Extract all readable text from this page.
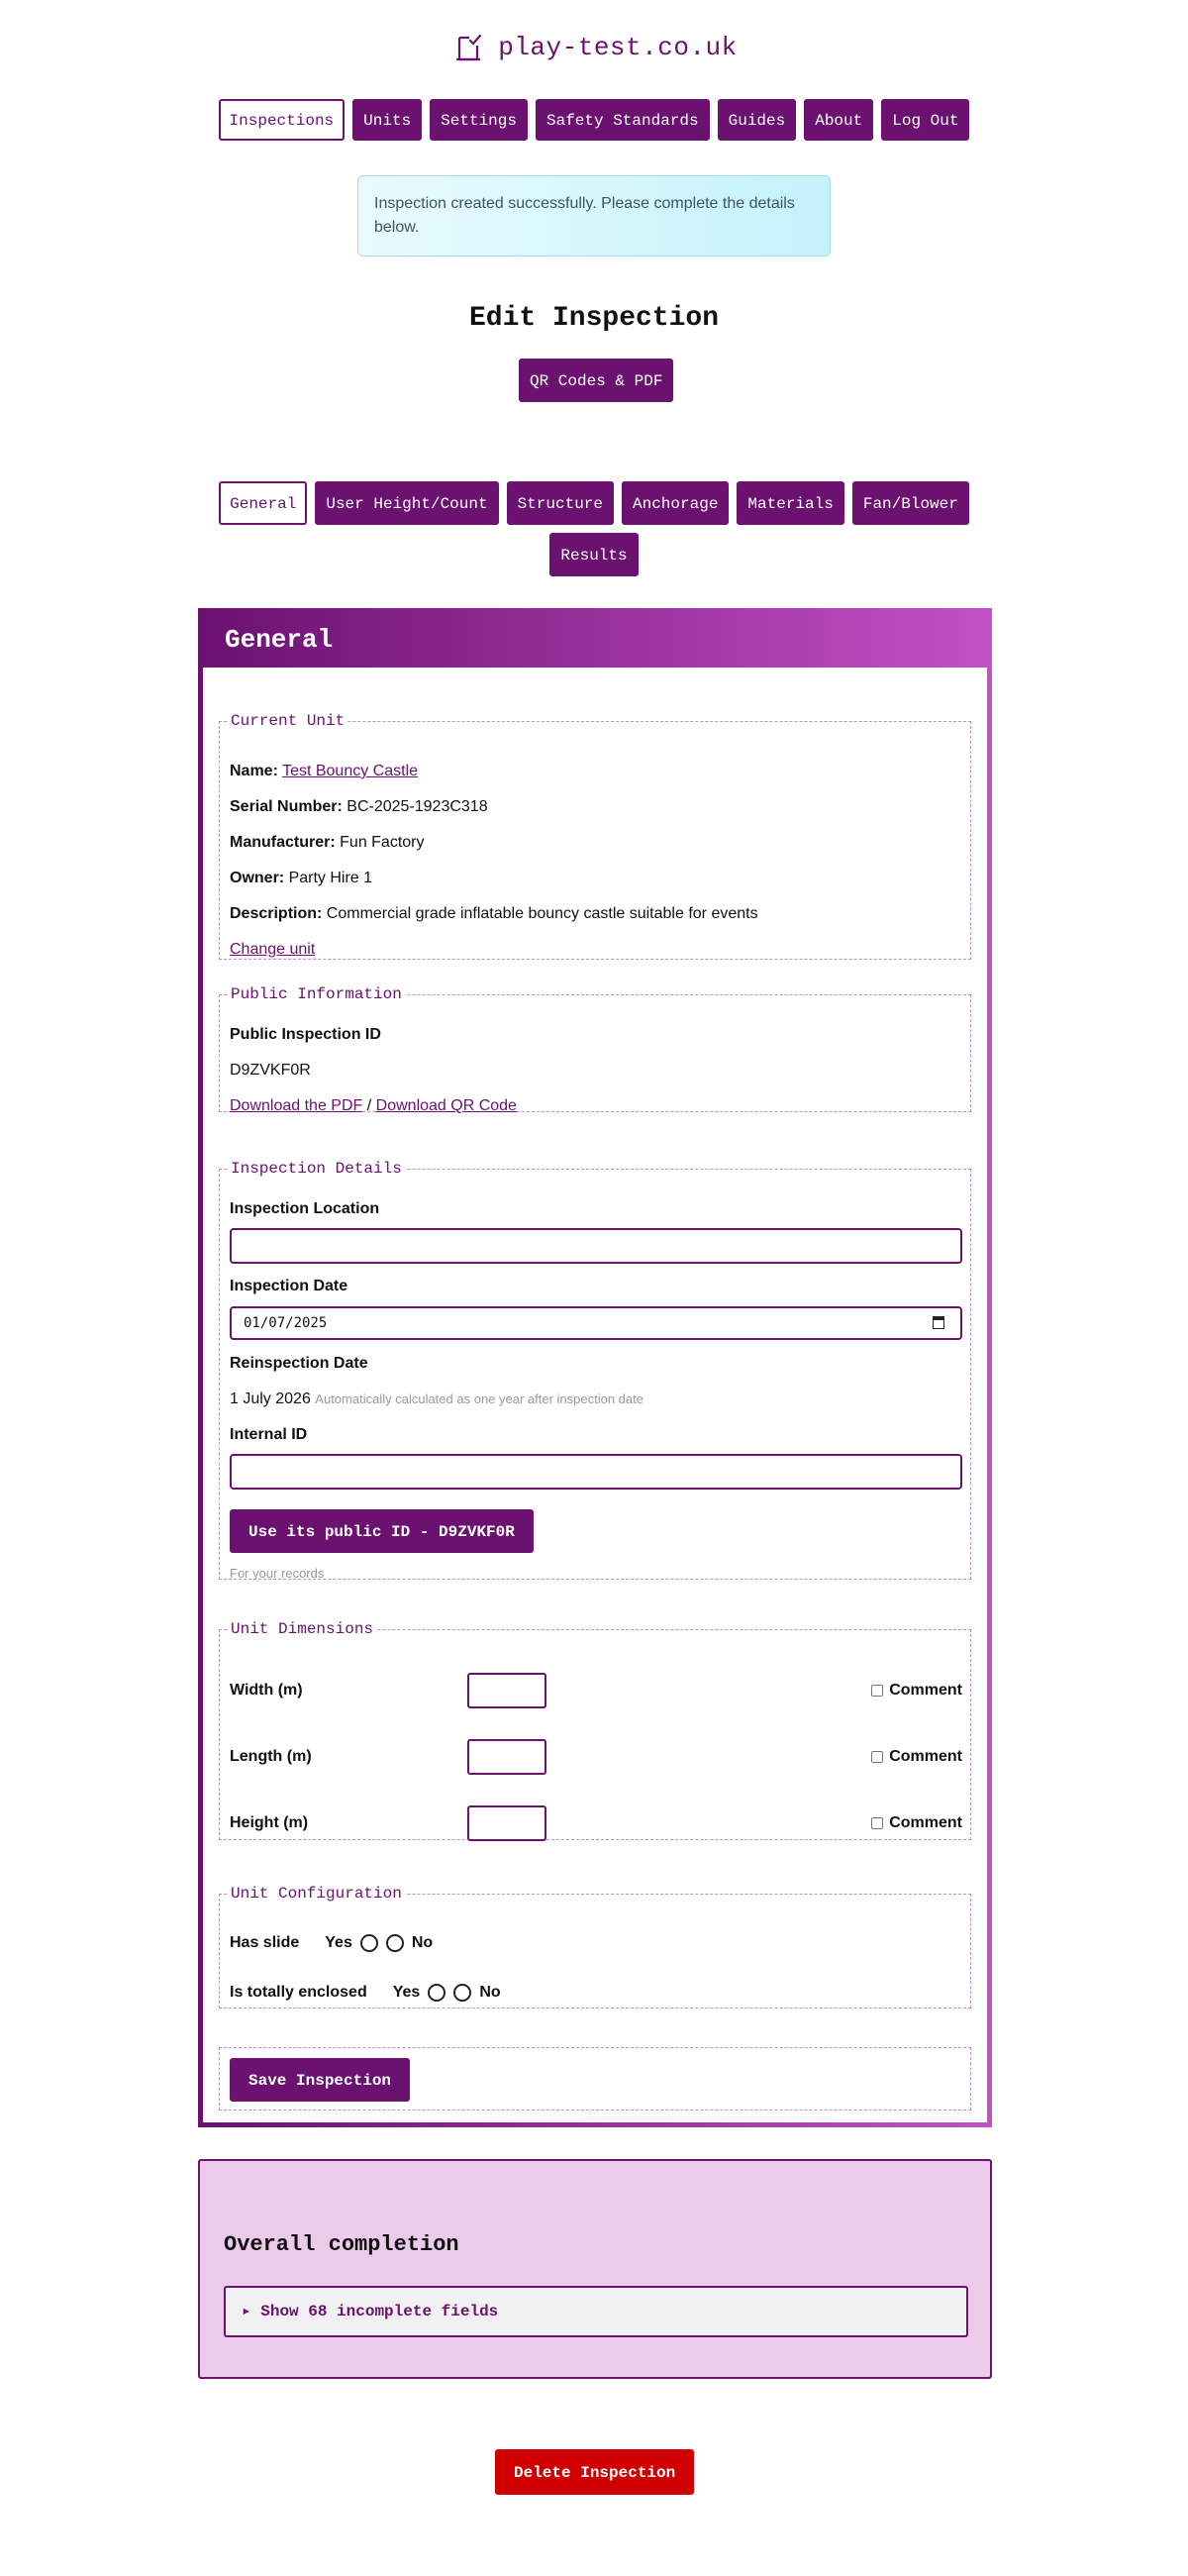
play-test.co.uk
Inspections	Units	Settings	Safety Standards	Guides	About	Log Out
Inspection created successfully. Please complete the details below.
Edit Inspection
QR Codes & PDF
General	User Height/Count	Structure	Anchorage	Materials	Fan/Blower
Results
General
Current Unit
Name: Test Bouncy Castle
Serial Number: BC-2025-1923C318
Manufacturer: Fun Factory
Owner: Party Hire 1
Description: Commercial grade inflatable bouncy castle suitable for events
Change unit
Public Information
Public Inspection ID
D9ZVKF0R
Download the PDF / Download QR Code
Inspection Details
Inspection Location
Inspection Date
01/07/2025
Reinspection Date
1 July 2026 Automatically calculated as one year after inspection date
Internal ID
Use its public ID - D9ZVKF0R
For your records
Unit Dimensions
Width (m)	Comment
Length (m)	Comment
Height (m)	Comment
Unit Configuration
Has slide Yes	No
Is totally enclosed Yes	No
Save Inspection
Overall completion
▸ Show 68 incomplete fields
Delete Inspection
